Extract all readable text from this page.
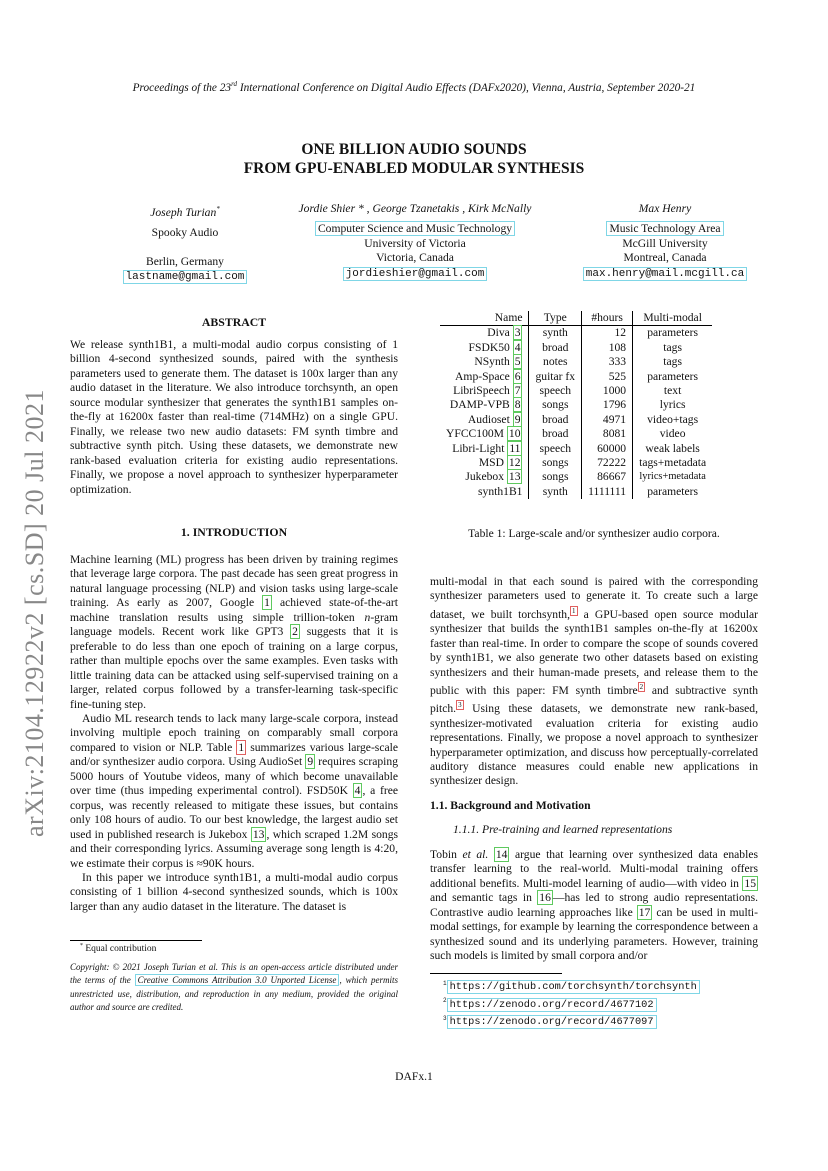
Proceedings of the 23rd International Conference on Digital Audio Effects (DAFx2020), Vienna, Austria, September 2020-21
arXiv:2104.12922v2 [cs.SD] 20 Jul 2021
ONE BILLION AUDIO SOUNDS
FROM GPU-ENABLED MODULAR SYNTHESIS
Joseph Turian*
Spooky Audio
Berlin, Germany
lastname@gmail.com
Jordie Shier * , George Tzanetakis , Kirk McNally
Computer Science and Music Technology
University of Victoria
Victoria, Canada
jordieshier@gmail.com
Max Henry
Music Technology Area
McGill University
Montreal, Canada
max.henry@mail.mcgill.ca
ABSTRACT
We release synth1B1, a multi-modal audio corpus consisting of 1 billion 4-second synthesized sounds, paired with the synthesis parameters used to generate them. The dataset is 100x larger than any audio dataset in the literature. We also introduce torchsynth, an open source modular synthesizer that generates the synth1B1 samples on-the-fly at 16200x faster than real-time (714MHz) on a single GPU. Finally, we release two new audio datasets: FM synth timbre and subtractive synth pitch. Using these datasets, we demonstrate new rank-based evaluation criteria for existing audio representations. Finally, we propose a novel approach to synthesizer hyperparameter optimization.
1. INTRODUCTION

Machine learning (ML) progress has been driven by training regimes that leverage large corpora. The past decade has seen great progress in natural language processing (NLP) and vision tasks using large-scale training. As early as 2007, Google 1 achieved state-of-the-art machine translation results using simple trillion-token n-gram language models. Recent work like GPT3 2 suggests that it is preferable to do less than one epoch of training on a large corpus, rather than multiple epochs over the same examples. Even tasks with little training data can be attacked using self-supervised training on a larger, related corpus followed by a transfer-learning task-specific fine-tuning step.

Audio ML research tends to lack many large-scale corpora, instead involving multiple epoch training on comparably small corpora compared to vision or NLP. Table 1 summarizes various large-scale and/or synthesizer audio corpora. Using AudioSet 9 requires scraping 5000 hours of Youtube videos, many of which become unavailable over time (thus impeding experimental control). FSD50K 4 , a free corpus, was recently released to mitigate these issues, but contains only 108 hours of audio. To our best knowledge, the largest audio set used in published research is Jukebox 13 , which scraped 1.2M songs and their corresponding lyrics. Assuming average song length is 4:20, we estimate their corpus is ≈90K hours.

In this paper we introduce synth1B1, a multi-modal audio corpus consisting of 1 billion 4-second synthesized sounds, which is 100x larger than any audio dataset in the literature. The dataset is

* Equal contribution
Copyright: © 2021 Joseph Turian et al. This is an open-access article distributed under the terms of the Creative Commons Attribution 3.0 Unported License , which permits unrestricted use, distribution, and reproduction in any medium, provided the original author and source are credited.
Name	Type	#hours	Multi-modal
Diva 3	synth	12	parameters
FSDK50 4	broad	108	tags
NSynth 5	notes	333	tags
Amp-Space 6	guitar fx	525	parameters
LibriSpeech 7	speech	1000	text
DAMP-VPB 8	songs	1796	lyrics
Audioset 9	broad	4971	video+tags
YFCC100M 10	broad	8081	video
Libri-Light 11	speech	60000	weak labels
MSD 12	songs	72222	tags+metadata
Jukebox 13	songs	86667	lyrics+metadata
synth1B1	synth	1111111	parameters
Table 1: Large-scale and/or synthesizer audio corpora.

multi-modal in that each sound is paired with the corresponding synthesizer parameters used to generate it. To create such a large dataset, we built torchsynth, $^1$ a GPU-based open source modular synthesizer that builds the synth1B1 samples on-the-fly at 16200x faster than real-time. In order to compare the scope of sounds covered by synth1B1, we also generate two other datasets based on existing synthesizers and their human-made presets, and release them to the public with this paper: FM synth timbre $^2$ and subtractive synth pitch. $^3$ Using these datasets, we demonstrate new rank-based, synthesizer-motivated evaluation criteria for existing audio representations. Finally, we propose a novel approach to synthesizer hyperparameter optimization, and discuss how perceptually-correlated auditory distance measures could enable new applications in synthesizer design.

1.1. Background and Motivation
1.1.1. Pre-training and learned representations

Tobin et al. 14 argue that learning over synthesized data enables transfer learning to the real-world. Multi-modal training offers additional benefits. Multi-model learning of audio—with video in 15 and semantic tags in 16 —has led to strong audio representations. Contrastive audio learning approaches like 17 can be used in multi-modal settings, for example by learning the correspondence between a synthesized sound and its underlying parameters. However, training such models is limited by small corpora and/or

$^1$ https://github.com/torchsynth/torchsynth
$^2$ https://zenodo.org/record/4677102
$^3$ https://zenodo.org/record/4677097
DAFx.1
